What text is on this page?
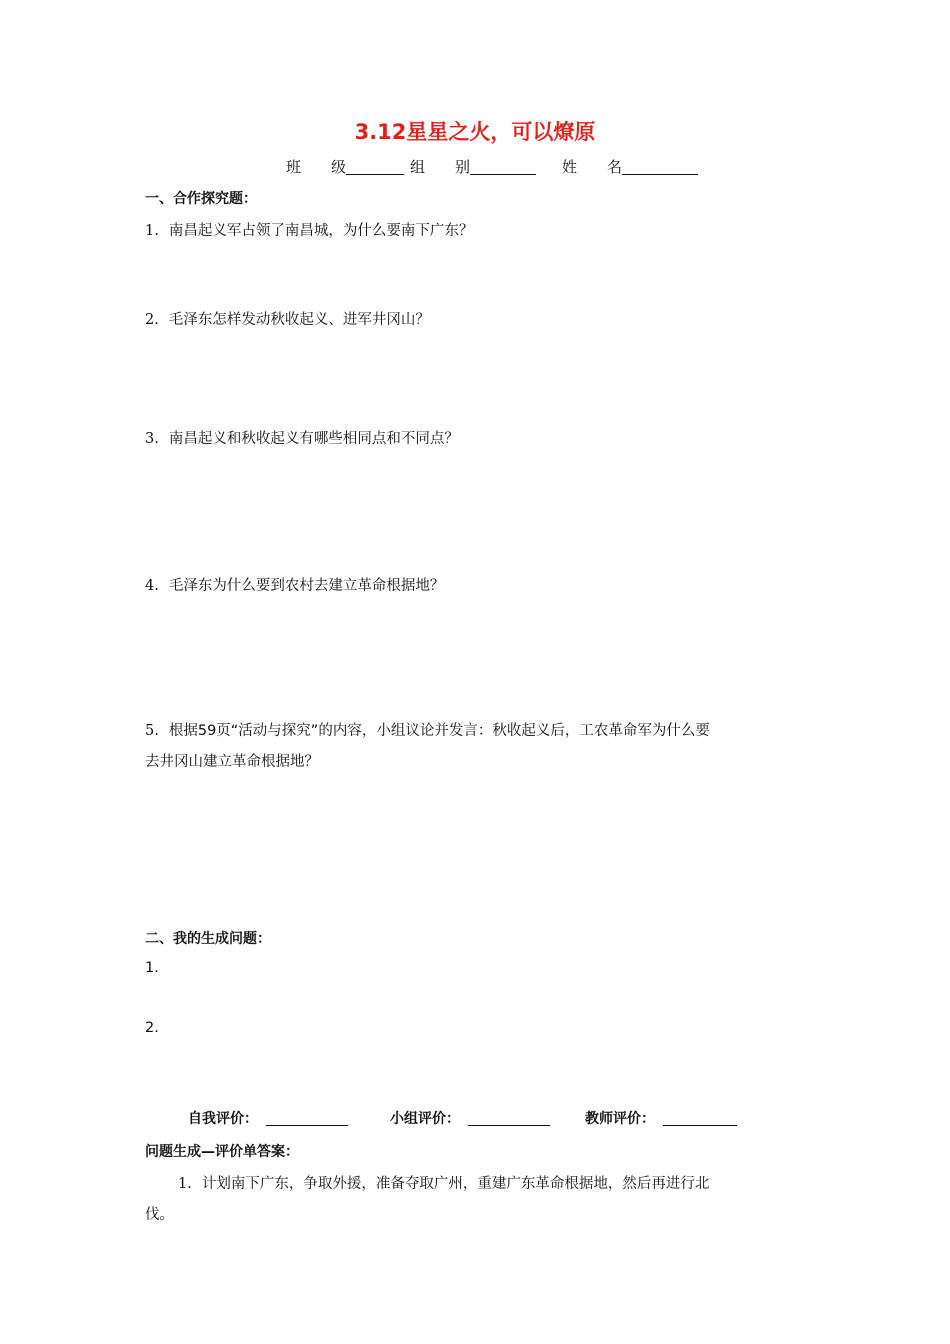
3.12星星之火，可以燎原
班　　级	组　　别	姓　　名
一、合作探究题：
1. 南昌起义军占领了南昌城，为什么要南下广东？
2. 毛泽东怎样发动秋收起义、进军井冈山？
3. 南昌起义和秋收起义有哪些相同点和不同点？
4. 毛泽东为什么要到农村去建立革命根据地？
5. 根据59页“活动与探究”的内容，小组议论并发言：秋收起义后，工农革命军为什么要
去井冈山建立革命根据地？
二、我的生成问题：
1.
2.
自我评价：	小组评价：	教师评价：
问题生成—评价单答案：
1. 计划南下广东，争取外援，准备夺取广州，重建广东革命根据地，然后再进行北
伐。
